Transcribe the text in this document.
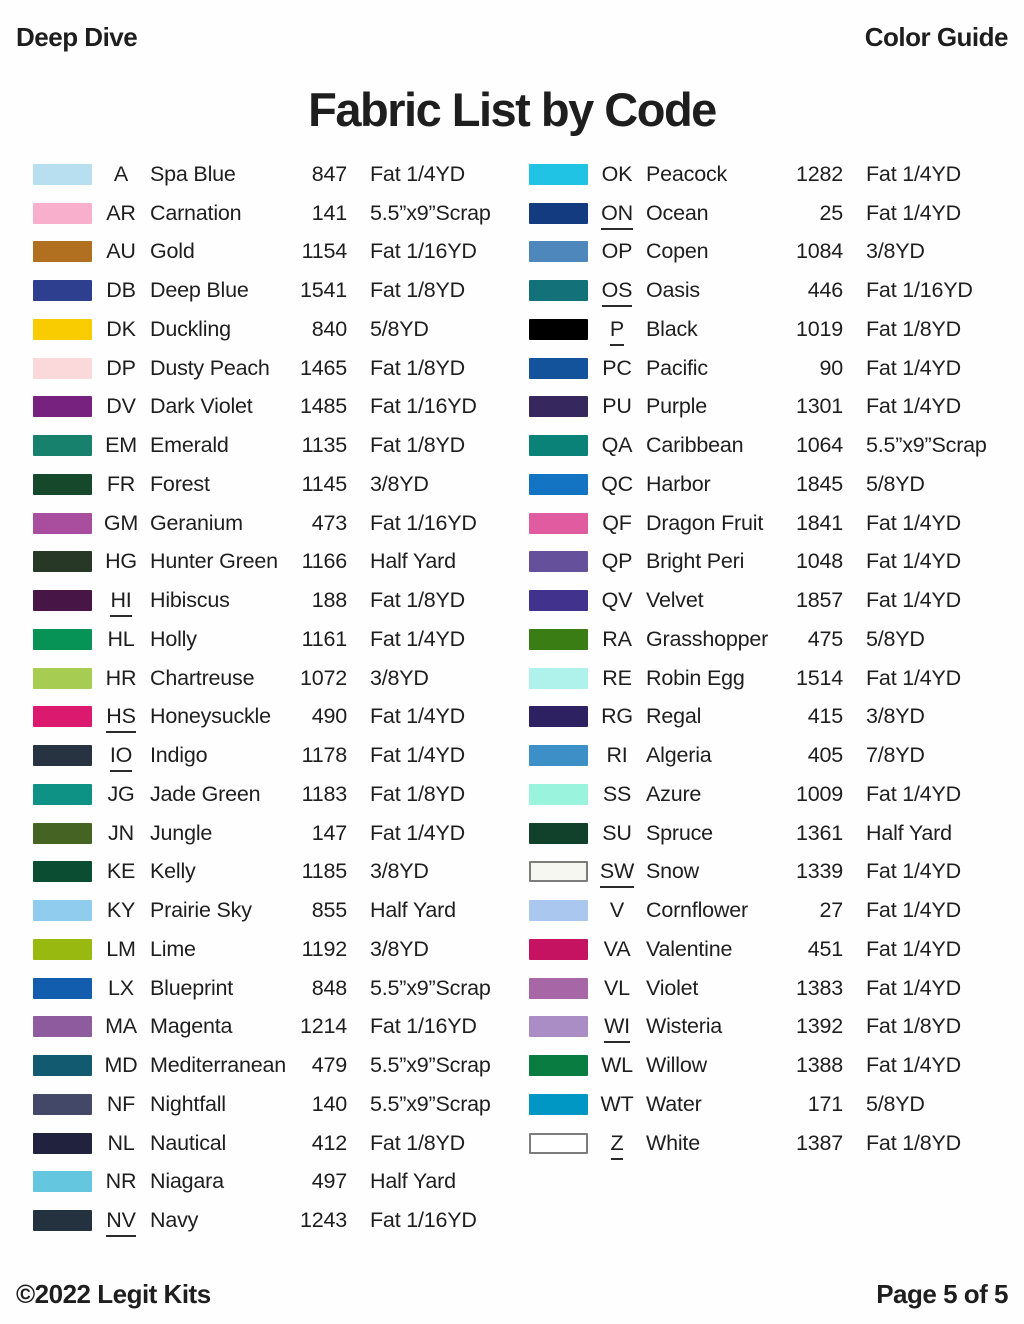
Deep Dive	Color Guide
Fabric List by Code
A	Spa Blue	847 Fat 1/4YD
AR Carnation	141 5.5”x9”Scrap
AU Gold	1154 Fat 1/16YD
DB Deep Blue	1541 Fat 1/8YD
DK Duckling	840 5/8YD
DP Dusty Peach	1465 Fat 1/8YD
DV Dark Violet	1485 Fat 1/16YD
EM Emerald	1135 Fat 1/8YD
FR Forest	1145 3/8YD
GM Geranium	473 Fat 1/16YD
HG Hunter Green	1166 Half Yard
HI Hibiscus	188 Fat 1/8YD
HL Holly	1161 Fat 1/4YD
HR Chartreuse	1072 3/8YD
HS Honeysuckle	490 Fat 1/4YD
IO Indigo	1178 Fat 1/4YD
JG Jade Green	1183 Fat 1/8YD
JN Jungle	147 Fat 1/4YD
KE Kelly	1185 3/8YD
KY Prairie Sky	855 Half Yard
LM Lime	1192 3/8YD
LX Blueprint	848 5.5”x9”Scrap
MA Magenta	1214 Fat 1/16YD
MD Mediterranean	479 5.5”x9”Scrap
NF Nightfall	140 5.5”x9”Scrap
NL Nautical	412 Fat 1/8YD
NR Niagara	497 Half Yard
NV Navy	1243 Fat 1/16YD
OK Peacock	1282 Fat 1/4YD
ON Ocean	25 Fat 1/4YD
OP Copen	1084 3/8YD
OS Oasis	446 Fat 1/16YD
P	Black	1019 Fat 1/8YD
PC Pacific	90 Fat 1/4YD
PU Purple	1301 Fat 1/4YD
QA Caribbean	1064 5.5”x9”Scrap
QC Harbor	1845 5/8YD
QF Dragon Fruit	1841 Fat 1/4YD
QP Bright Peri	1048 Fat 1/4YD
QV Velvet	1857 Fat 1/4YD
RA Grasshopper	475 5/8YD
RE Robin Egg	1514 Fat 1/4YD
RG Regal	415 3/8YD
RI Algeria	405 7/8YD
SS Azure	1009 Fat 1/4YD
SU Spruce	1361 Half Yard
SW Snow	1339 Fat 1/4YD
V	Cornflower	27 Fat 1/4YD
VA Valentine	451 Fat 1/4YD
VL Violet	1383 Fat 1/4YD
WI Wisteria	1392 Fat 1/8YD
WL Willow	1388 Fat 1/4YD
WT Water	171 5/8YD
Z	White	1387 Fat 1/8YD
©2022 Legit Kits	Page 5 of 5
